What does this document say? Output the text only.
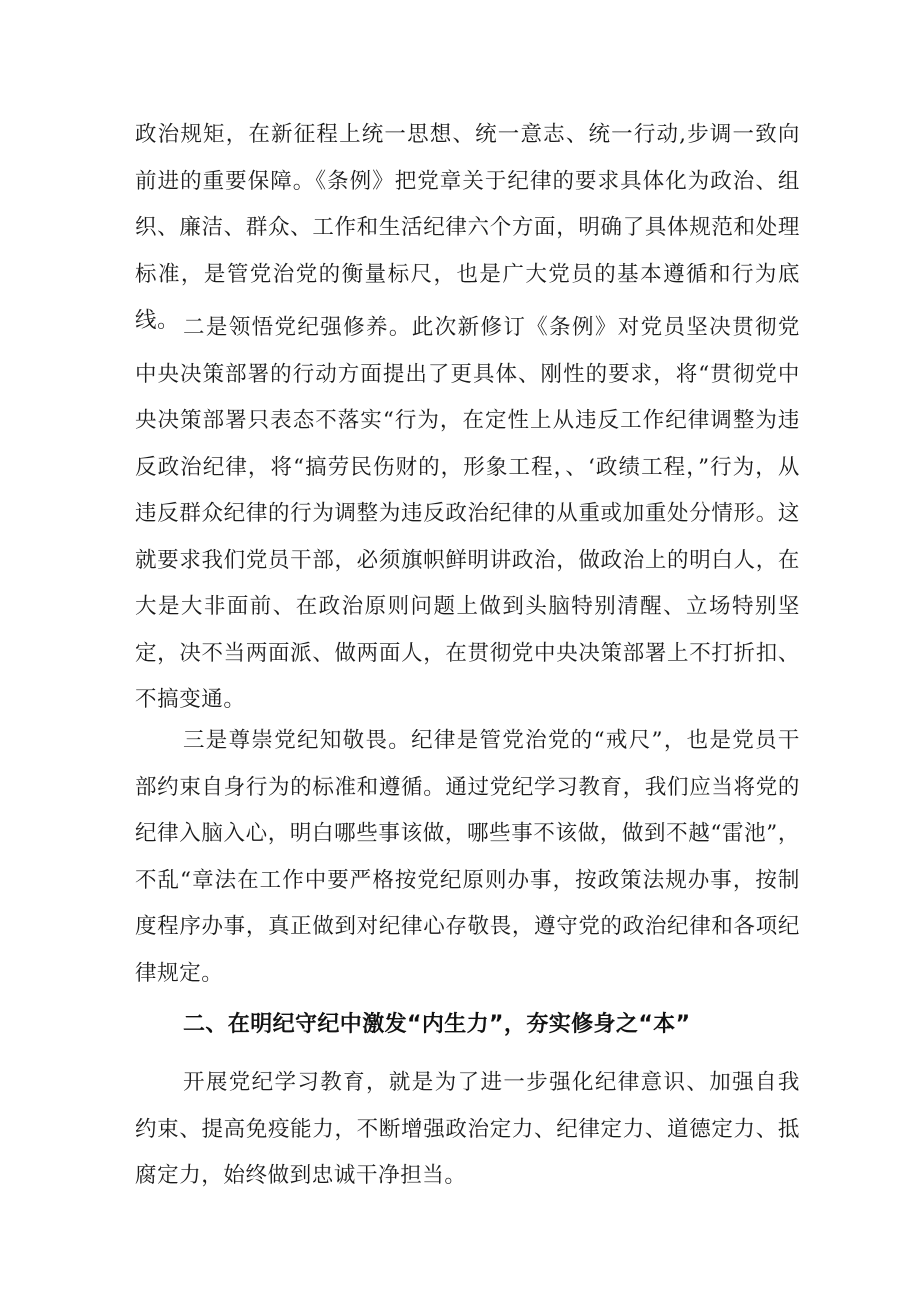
政治规矩，在新征程上统一思想、统一意志、统一行动,步调一致向前进的重要保障。《条例》把党章关于纪律的要求具体化为政治、组织、廉洁、群众、工作和生活纪律六个方面，明确了具体规范和处理标准，是管党治党的衡量标尺，也是广大党员的基本遵循和行为底线。 二是领悟党纪强修养。此次新修订《条例》对党员坚决贯彻党中央决策部署的行动方面提出了更具体、刚性的要求，将“贯彻党中央决策部署只表态不落实“行为，在定性上从违反工作纪律调整为违反政治纪律，将“搞劳民伤财的，形象工程，、‘政绩工程，”行为，从违反群众纪律的行为调整为违反政治纪律的从重或加重处分情形。这就要求我们党员干部，必须旗帜鲜明讲政治，做政治上的明白人，在大是大非面前、在政治原则问题上做到头脑特别清醒、立场特别坚定，决不当两面派、做两面人，在贯彻党中央决策部署上不打折扣、不搞变通。

三是尊崇党纪知敬畏。纪律是管党治党的“戒尺”，也是党员干部约束自身行为的标准和遵循。通过党纪学习教育，我们应当将党的纪律入脑入心，明白哪些事该做，哪些事不该做，做到不越“雷池”，不乱“章法在工作中要严格按党纪原则办事，按政策法规办事，按制度程序办事，真正做到对纪律心存敬畏，遵守党的政治纪律和各项纪律规定。

二、在明纪守纪中激发“内生力”，夯实修身之“本”

开展党纪学习教育，就是为了进一步强化纪律意识、加强自我约束、提高免疫能力，不断增强政治定力、纪律定力、道德定力、抵腐定力，始终做到忠诚干净担当。
